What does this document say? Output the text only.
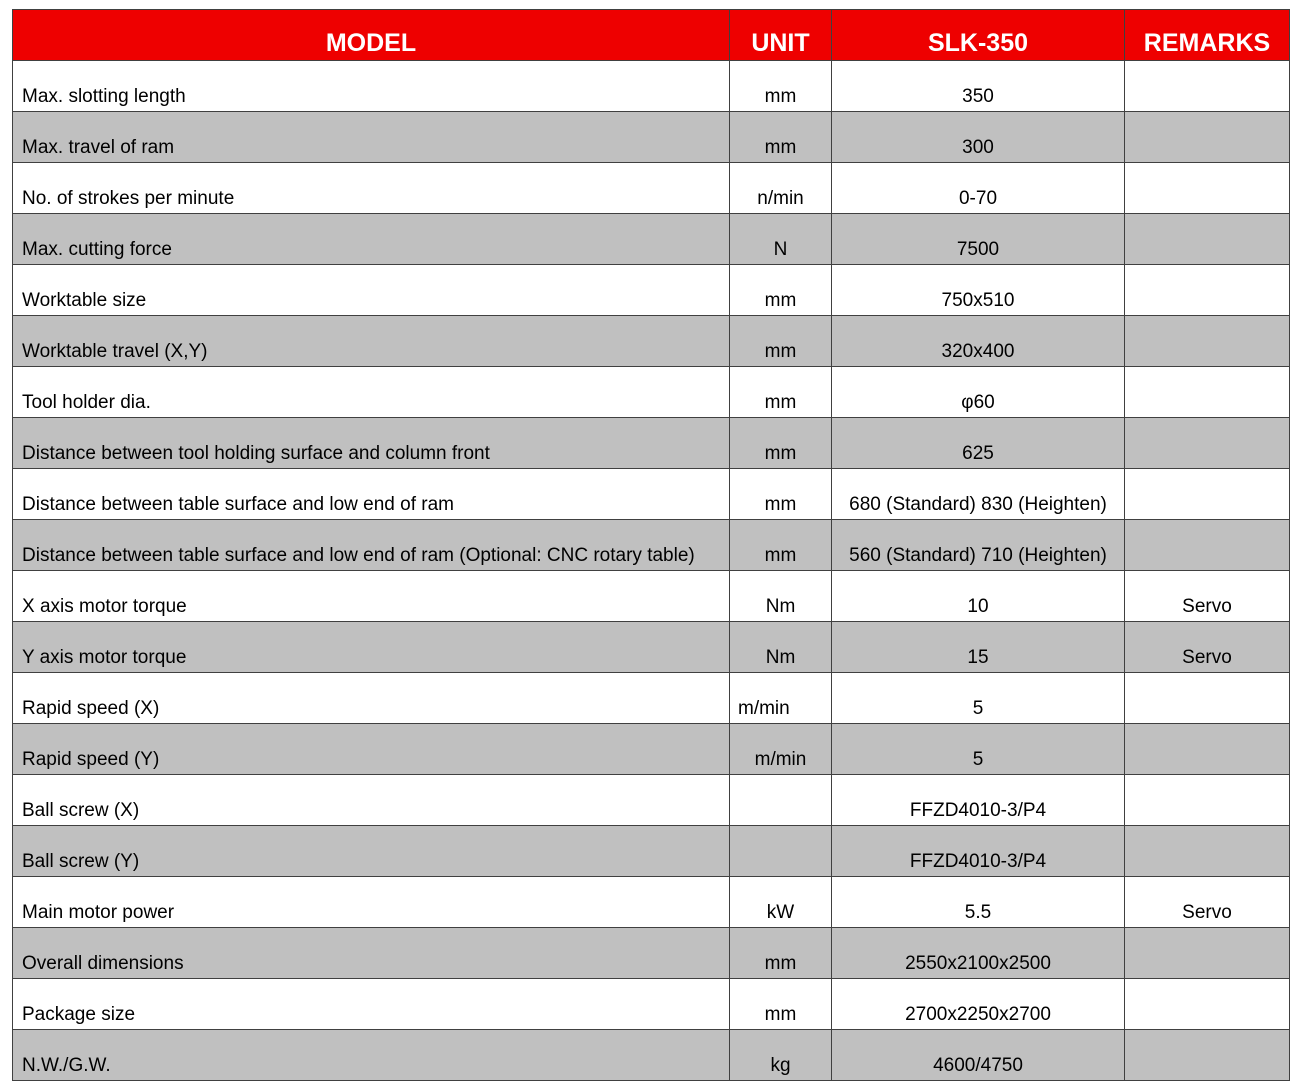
MODEL	UNIT	SLK-350	REMARKS
Max. slotting length	mm	350	
Max. travel of ram	mm	300	
No. of strokes per minute	n/min	0-70	
Max. cutting force	N	7500	
Worktable size	mm	750x510	
Worktable travel (X,Y)	mm	320x400	
Tool holder dia.	mm	φ60	
Distance between tool holding surface and column front	mm	625	
Distance between table surface and low end of ram	mm	680 (Standard) 830 (Heighten)	
Distance between table surface and low end of ram (Optional: CNC rotary table)	mm	560 (Standard) 710 (Heighten)	
X axis motor torque	Nm	10	Servo
Y axis motor torque	Nm	15	Servo
Rapid speed (X)	m/min	5	
Rapid speed (Y)	m/min	5	
Ball screw (X)		FFZD4010-3/P4	
Ball screw (Y)		FFZD4010-3/P4	
Main motor power	kW	5.5	Servo
Overall dimensions	mm	2550x2100x2500	
Package size	mm	2700x2250x2700	
N.W./G.W.	kg	4600/4750	
